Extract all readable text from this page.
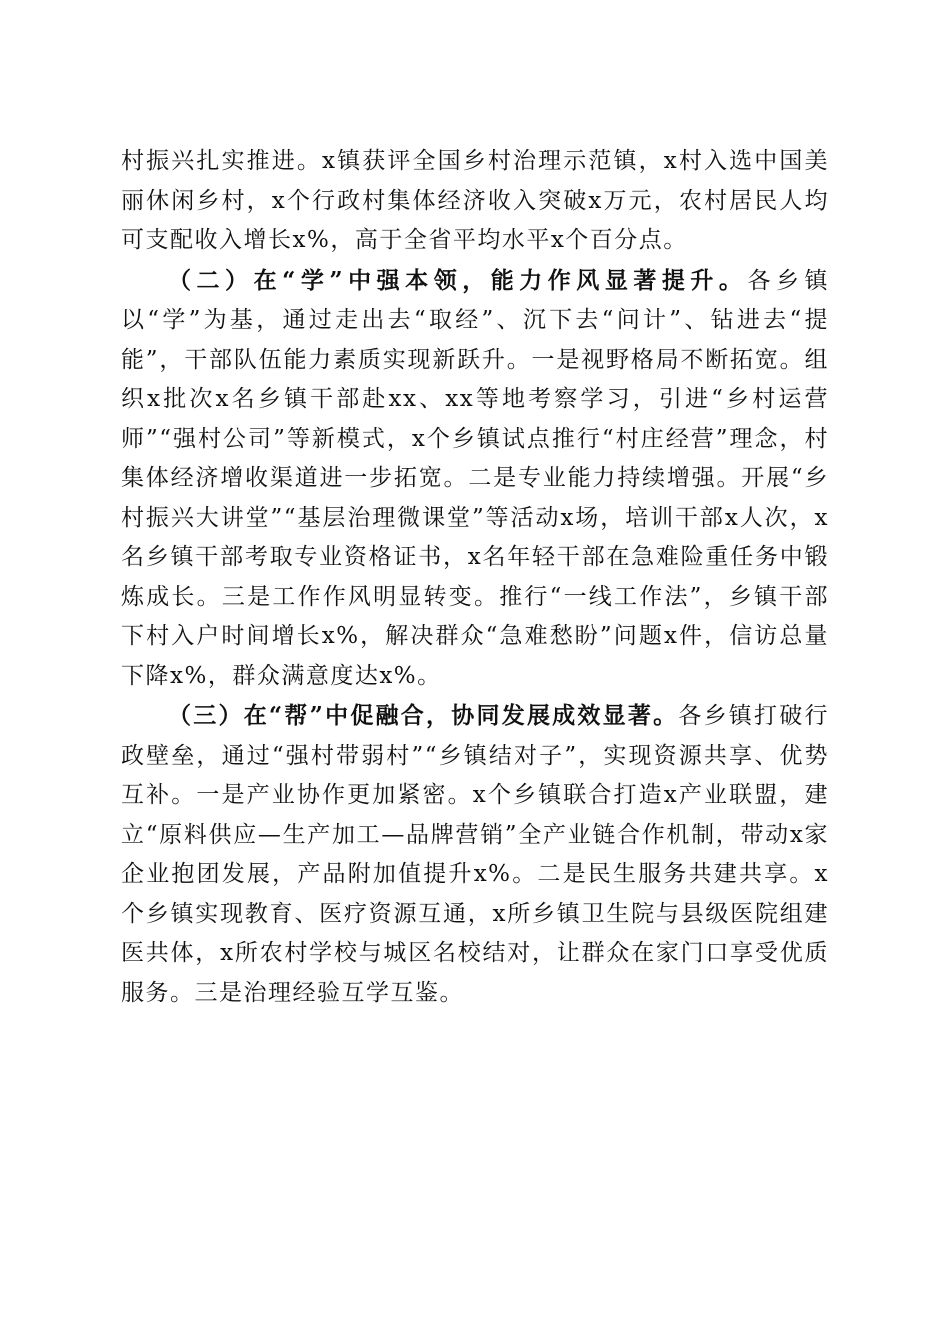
村振兴扎实推进。x镇获评全国乡村治理示范镇，x村入选中国美丽休闲乡村，x个行政村集体经济收入突破x万元，农村居民人均可支配收入增长x%，高于全省平均水平x个百分点。

（二）在“学”中强本领，能力作风显著提升。各乡镇以“学”为基，通过走出去“取经”、沉下去“问计”、钻进去“提能”，干部队伍能力素质实现新跃升。一是视野格局不断拓宽。组织x批次x名乡镇干部赴xx、xx等地考察学习，引进“乡村运营师”“强村公司”等新模式，x个乡镇试点推行“村庄经营”理念，村集体经济增收渠道进一步拓宽。二是专业能力持续增强。开展“乡村振兴大讲堂”“基层治理微课堂”等活动x场，培训干部x人次，x名乡镇干部考取专业资格证书，x名年轻干部在急难险重任务中锻炼成长。三是工作作风明显转变。推行“一线工作法”，乡镇干部下村入户时间增长x%，解决群众“急难愁盼”问题x件，信访总量下降x%，群众满意度达x%。

（三）在“帮”中促融合，协同发展成效显著。各乡镇打破行政壁垒，通过“强村带弱村”“乡镇结对子”，实现资源共享、优势互补。一是产业协作更加紧密。x个乡镇联合打造x产业联盟，建立“原料供应—生产加工—品牌营销”全产业链合作机制，带动x家企业抱团发展，产品附加值提升x%。二是民生服务共建共享。x个乡镇实现教育、医疗资源互通，x所乡镇卫生院与县级医院组建医共体，x所农村学校与城区名校结对，让群众在家门口享受优质服务。三是治理经验互学互鉴。
